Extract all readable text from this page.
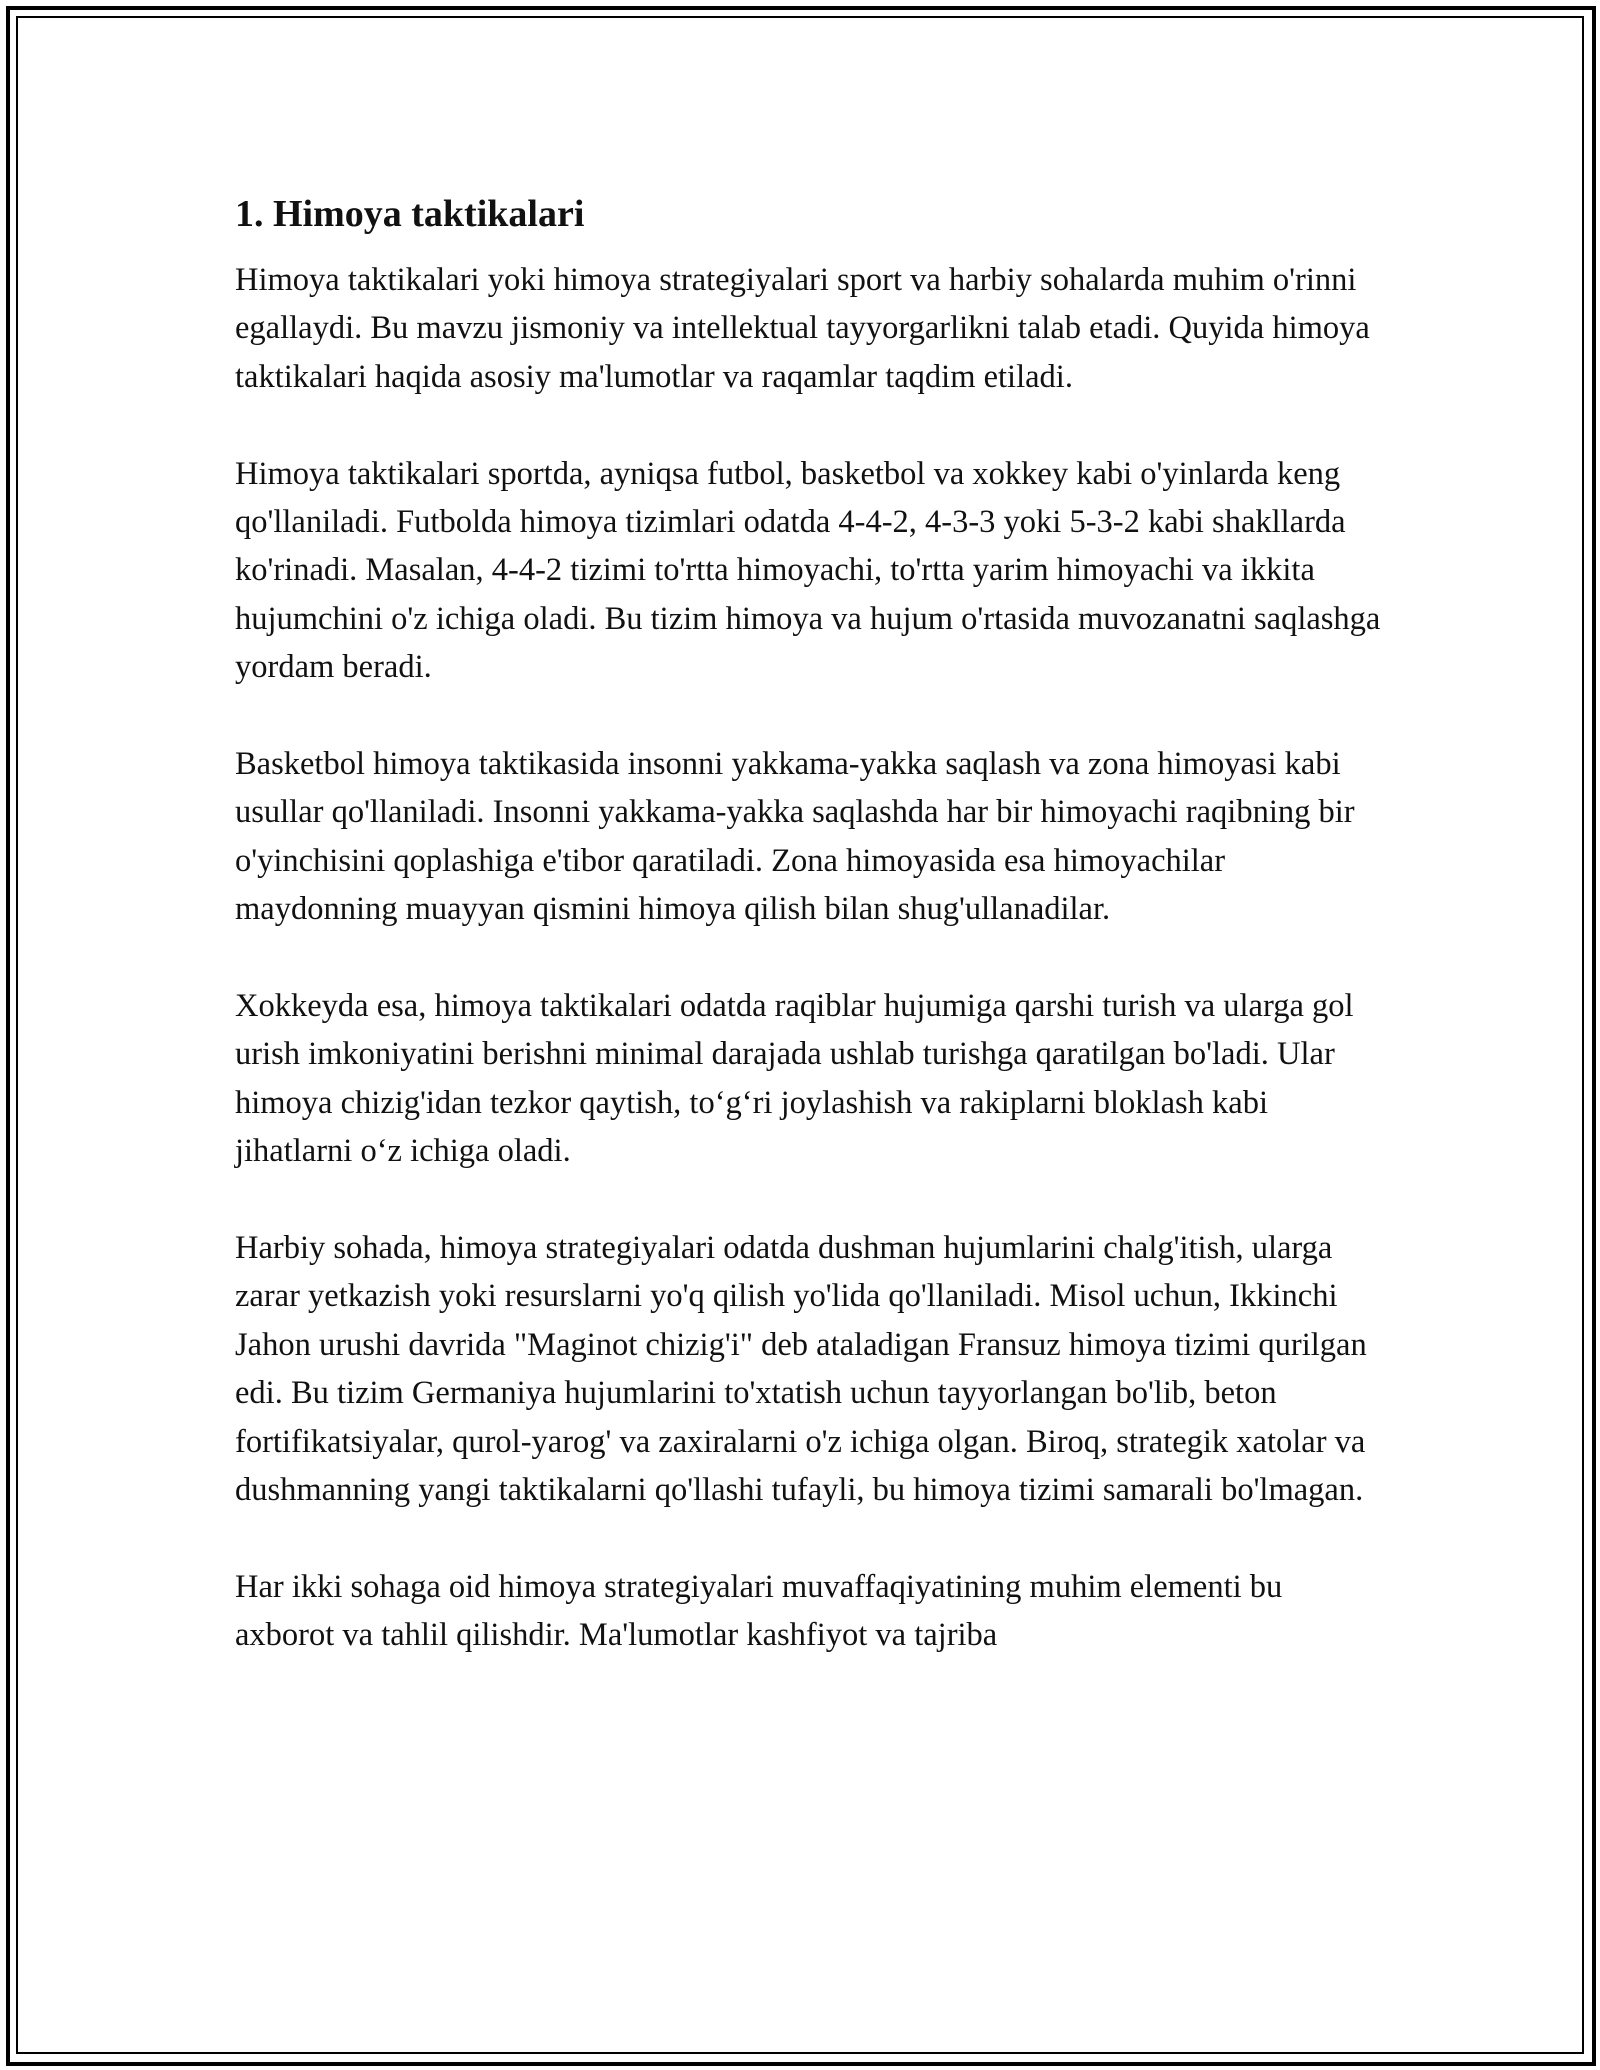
1. Himoya taktikalari

Himoya taktikalari yoki himoya strategiyalari sport va harbiy sohalarda muhim o'rinni egallaydi. Bu mavzu jismoniy va intellektual tayyorgarlikni talab etadi. Quyida himoya taktikalari haqida asosiy ma'lumotlar va raqamlar taqdim etiladi.

Himoya taktikalari sportda, ayniqsa futbol, basketbol va xokkey kabi o'yinlarda keng qo'llaniladi. Futbolda himoya tizimlari odatda 4-4-2, 4-3-3 yoki 5-3-2 kabi shakllarda ko'rinadi. Masalan, 4-4-2 tizimi to'rtta himoyachi, to'rtta yarim himoyachi va ikkita hujumchini o'z ichiga oladi. Bu tizim himoya va hujum o'rtasida muvozanatni saqlashga yordam beradi.

Basketbol himoya taktikasida insonni yakkama-yakka saqlash va zona himoyasi kabi usullar qo'llaniladi. Insonni yakkama-yakka saqlashda har bir himoyachi raqibning bir o'yinchisini qoplashiga e'tibor qaratiladi. Zona himoyasida esa himoyachilar maydonning muayyan qismini himoya qilish bilan shug'ullanadilar.

Xokkeyda esa, himoya taktikalari odatda raqiblar hujumiga qarshi turish va ularga gol urish imkoniyatini berishni minimal darajada ushlab turishga qaratilgan bo'ladi. Ular himoya chizig'idan tezkor qaytish, to‘g‘ri joylashish va rakiplarni bloklash kabi jihatlarni o‘z ichiga oladi.

Harbiy sohada, himoya strategiyalari odatda dushman hujumlarini chalg'itish, ularga zarar yetkazish yoki resurslarni yo'q qilish yo'lida qo'llaniladi. Misol uchun, Ikkinchi Jahon urushi davrida "Maginot chizig'i" deb ataladigan Fransuz himoya tizimi qurilgan edi. Bu tizim Germaniya hujumlarini to'xtatish uchun tayyorlangan bo'lib, beton fortifikatsiyalar, qurol-yarog' va zaxiralarni o'z ichiga olgan. Biroq, strategik xatolar va dushmanning yangi taktikalarni qo'llashi tufayli, bu himoya tizimi samarali bo'lmagan.

Har ikki sohaga oid himoya strategiyalari muvaffaqiyatining muhim elementi bu axborot va tahlil qilishdir. Ma'lumotlar kashfiyot va tajriba
